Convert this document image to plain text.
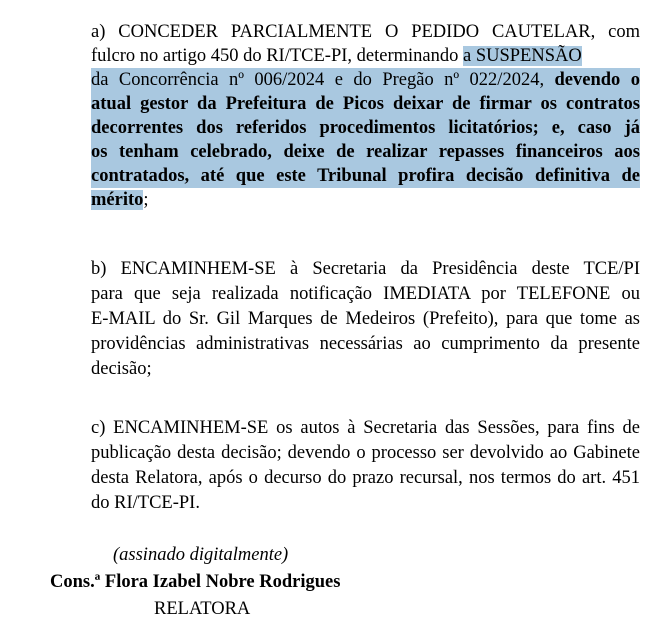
a) CONCEDER PARCIALMENTE O PEDIDO CAUTELAR, com
fulcro no artigo 450 do RI/TCE-PI, determinando a SUSPENSÃO
da Concorrência nº 006/2024 e do Pregão nº 022/2024, devendo o
atual gestor da Prefeitura de Picos deixar de firmar os contratos
decorrentes dos referidos procedimentos licitatórios; e, caso já
os tenham celebrado, deixe de realizar repasses financeiros aos
contratados, até que este Tribunal profira decisão definitiva de
mérito;
b) ENCAMINHEM-SE à Secretaria da Presidência deste TCE/PI
para que seja realizada notificação IMEDIATA por TELEFONE ou
E-MAIL do Sr. Gil Marques de Medeiros (Prefeito), para que tome as
providências administrativas necessárias ao cumprimento da presente
decisão;
c) ENCAMINHEM-SE os autos à Secretaria das Sessões, para fins de
publicação desta decisão; devendo o processo ser devolvido ao Gabinete
desta Relatora, após o decurso do prazo recursal, nos termos do art. 451
do RI/TCE-PI.
(assinado digitalmente)
Cons.ª Flora Izabel Nobre Rodrigues
RELATORA
